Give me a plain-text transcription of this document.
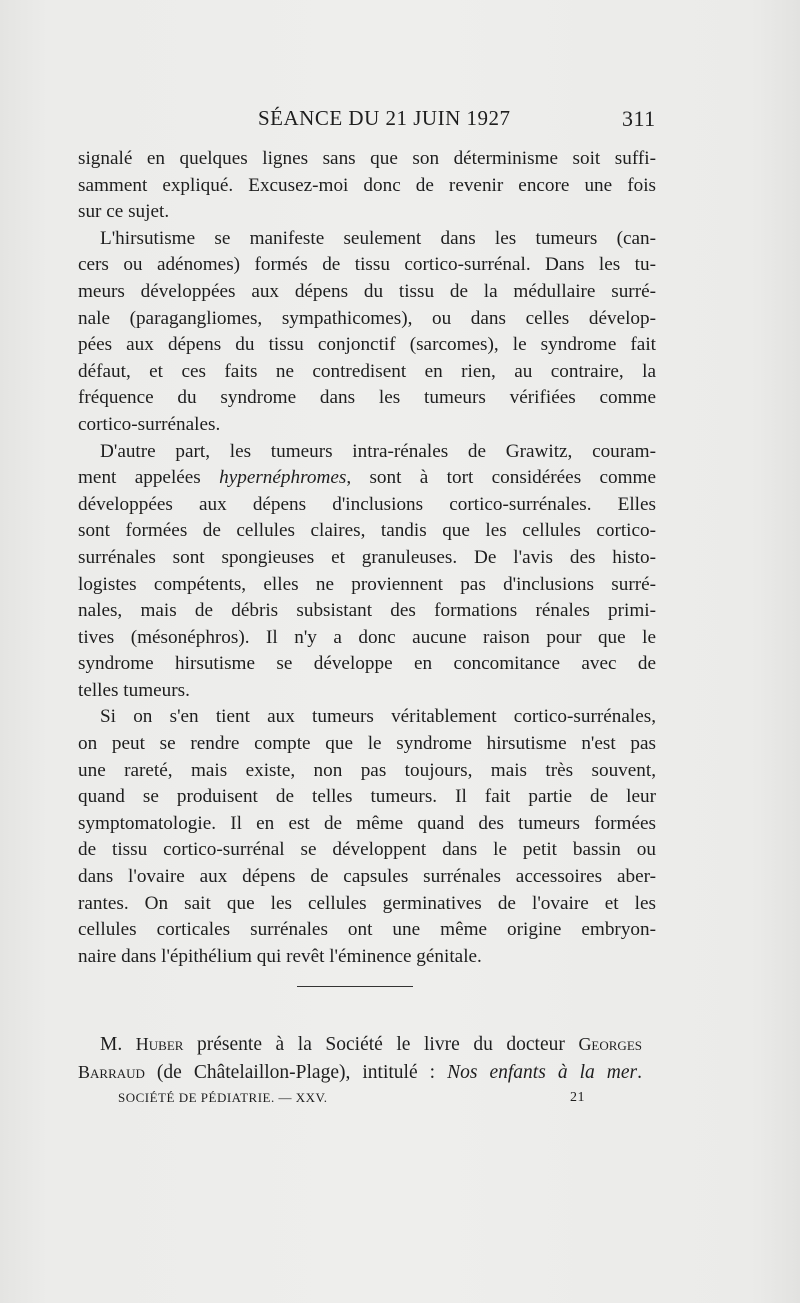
SÉANCE DU 21 JUIN 1927	311
signalé en quelques lignes sans que son déterminisme soit suffi-
samment expliqué. Excusez-moi donc de revenir encore une fois
sur ce sujet.
L'hirsutisme se manifeste seulement dans les tumeurs (can-
cers ou adénomes) formés de tissu cortico-surrénal. Dans les tu-
meurs développées aux dépens du tissu de la médullaire surré-
nale (paragangliomes, sympathicomes), ou dans celles dévelop-
pées aux dépens du tissu conjonctif (sarcomes), le syndrome fait
défaut, et ces faits ne contredisent en rien, au contraire, la
fréquence du syndrome dans les tumeurs vérifiées comme
cortico-surrénales.
D'autre part, les tumeurs intra-rénales de Grawitz, couram-
ment appelées hypernéphromes, sont à tort considérées comme
développées aux dépens d'inclusions cortico-surrénales. Elles
sont formées de cellules claires, tandis que les cellules cortico-
surrénales sont spongieuses et granuleuses. De l'avis des histo-
logistes compétents, elles ne proviennent pas d'inclusions surré-
nales, mais de débris subsistant des formations rénales primi-
tives (mésonéphros). Il n'y a donc aucune raison pour que le
syndrome hirsutisme se développe en concomitance avec de
telles tumeurs.
Si on s'en tient aux tumeurs véritablement cortico-surrénales,
on peut se rendre compte que le syndrome hirsutisme n'est pas
une rareté, mais existe, non pas toujours, mais très souvent,
quand se produisent de telles tumeurs. Il fait partie de leur
symptomatologie. Il en est de même quand des tumeurs formées
de tissu cortico-surrénal se développent dans le petit bassin ou
dans l'ovaire aux dépens de capsules surrénales accessoires aber-
rantes. On sait que les cellules germinatives de l'ovaire et les
cellules corticales surrénales ont une même origine embryon-
naire dans l'épithélium qui revêt l'éminence génitale.
M. Huber présente à la Société le livre du docteur Georges
Barraud (de Châtelaillon-Plage), intitulé : Nos enfants à la mer.
SOCIÉTÉ DE PÉDIATRIE. — XXV.	21
